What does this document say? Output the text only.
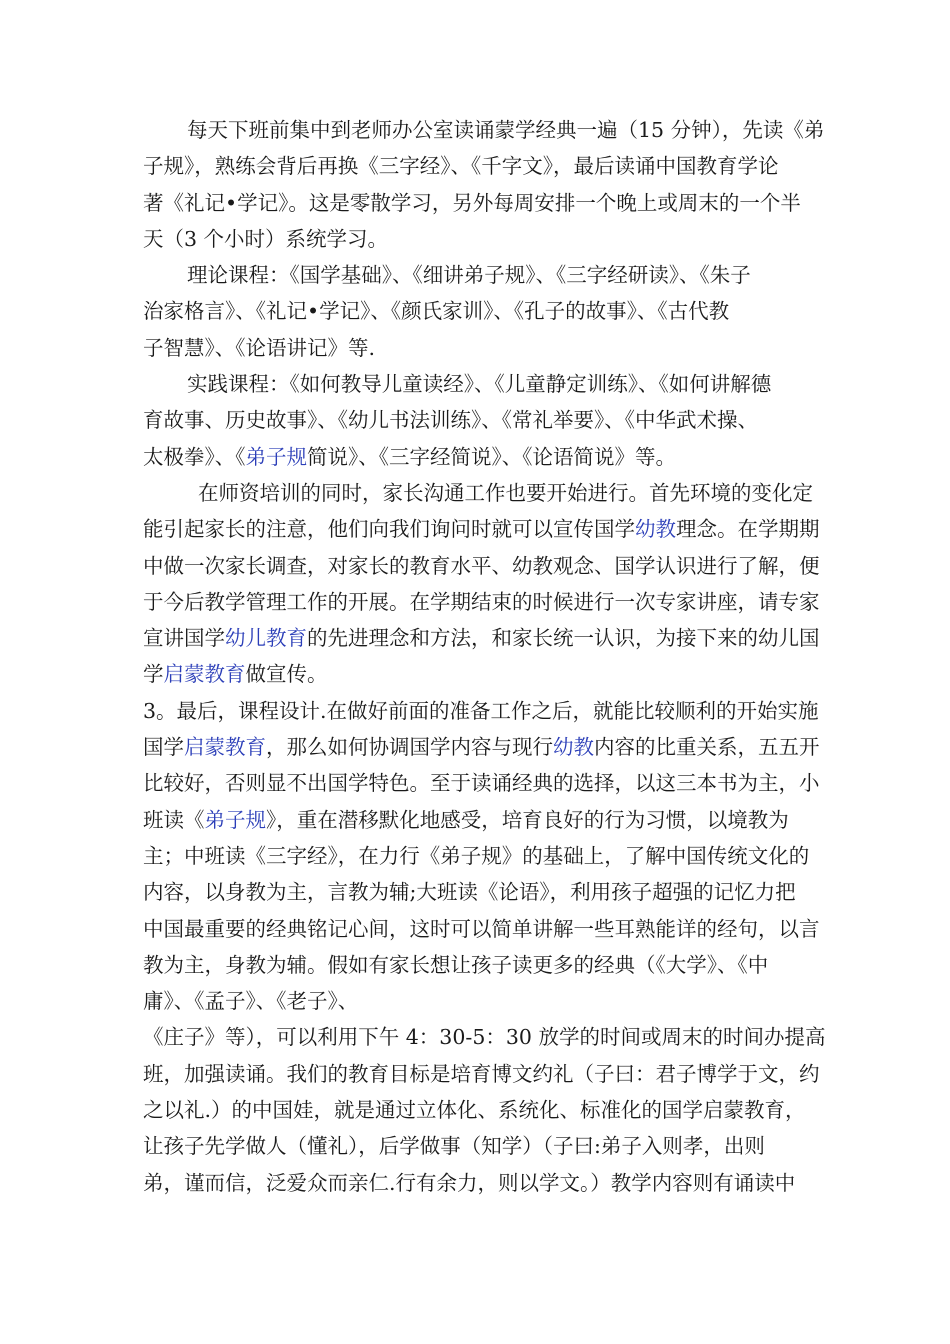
每天下班前集中到老师办公室读诵蒙学经典一遍（15 分钟），先读《弟
子规》，熟练会背后再换《三字经》、《千字文》，最后读诵中国教育学论
著《礼记•学记》。这是零散学习，另外每周安排一个晚上或周末的一个半
天（3 个小时）系统学习。
理论课程：《国学基础》、《细讲弟子规》、《三字经研读》、《朱子
治家格言》、《礼记•学记》、《颜氏家训》、《孔子的故事》、《古代教
子智慧》、《论语讲记》等.
实践课程：《如何教导儿童读经》、《儿童静定训练》、《如何讲解德
育故事、历史故事》、《幼儿书法训练》、《常礼举要》、《中华武术操、
太极拳》、《弟子规简说》、《三字经简说》、《论语简说》等。
在师资培训的同时，家长沟通工作也要开始进行。首先环境的变化定
能引起家长的注意，他们向我们询问时就可以宣传国学幼教理念。在学期期
中做一次家长调查，对家长的教育水平、幼教观念、国学认识进行了解，便
于今后教学管理工作的开展。在学期结束的时候进行一次专家讲座，请专家
宣讲国学幼儿教育的先进理念和方法，和家长统一认识，为接下来的幼儿国
学启蒙教育做宣传。
3。最后，课程设计.在做好前面的准备工作之后，就能比较顺利的开始实施
国学启蒙教育，那么如何协调国学内容与现行幼教内容的比重关系，五五开
比较好，否则显不出国学特色。至于读诵经典的选择，以这三本书为主，小
班读《弟子规》，重在潜移默化地感受，培育良好的行为习惯，以境教为
主；中班读《三字经》，在力行《弟子规》的基础上，了解中国传统文化的
内容，以身教为主，言教为辅;大班读《论语》，利用孩子超强的记忆力把
中国最重要的经典铭记心间，这时可以简单讲解一些耳熟能详的经句，以言
教为主，身教为辅。假如有家长想让孩子读更多的经典（《大学》、《中
庸》、《孟子》、《老子》、
《庄子》等），可以利用下午 4：30-5：30 放学的时间或周末的时间办提高
班，加强读诵。我们的教育目标是培育博文约礼（子曰：君子博学于文，约
之以礼.）的中国娃，就是通过立体化、系统化、标准化的国学启蒙教育，
让孩子先学做人（懂礼），后学做事（知学）（子曰:弟子入则孝，出则
弟，谨而信，泛爱众而亲仁.行有余力，则以学文。）教学内容则有诵读中
